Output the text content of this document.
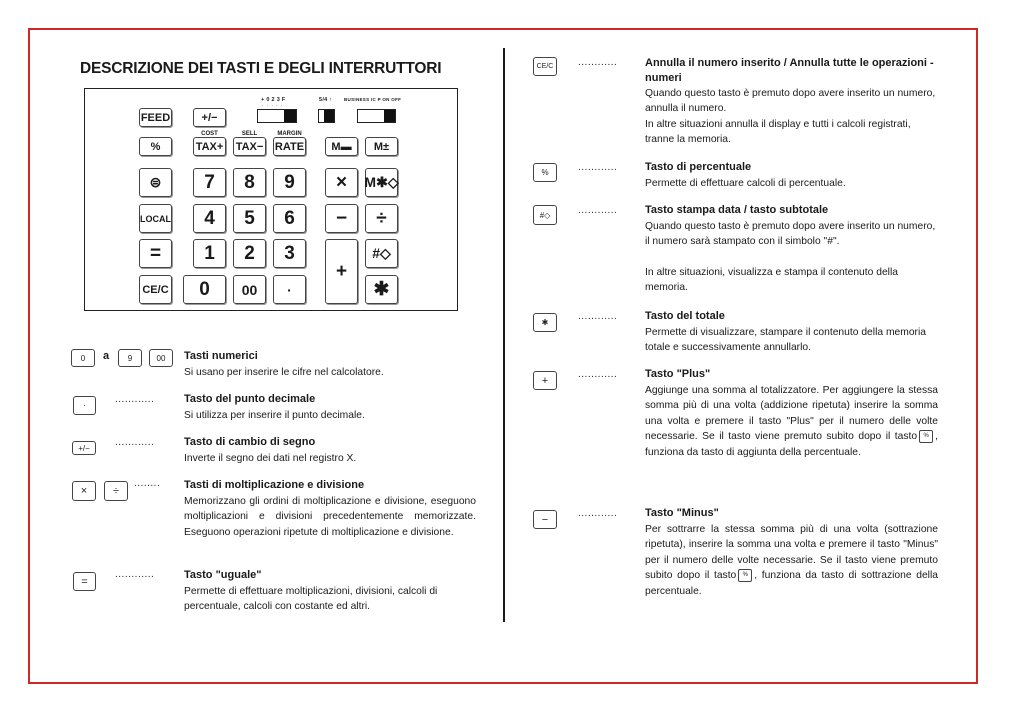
DESCRIZIONE DEI TASTI E DEGLI INTERRUTTORI
FEED	+/−
+ 0 2 3 F
·····
5/4 ↑	BUSINESS IC P ON OFF
COST	SELL	MARGIN
%	TAX+ TAX− RATE	M▬	M±
⊜	7	8	9	×	M✱◇
LOCAL	4	5	6	−	÷
=	1	2	3
+
#◇
CE/C	0	00	·	✱
0	a	9	00	Tasti numerici
Si usano per inserire le cifre nel calcolatore.
·
............	Tasto del punto decimale
Si utilizza per inserire il punto decimale.
+/−	............	Tasto di cambio di segno
Inverte il segno dei dati nel registro X.
×	÷
........ Tasti di moltiplicazione e divisione
Memorizzano gli ordini di moltiplicazione e divisione, eseguono moltiplicazioni e divisioni precedentemente memorizzate. Eseguono operazioni ripetute di moltiplicazione e divisione.
=
............	Tasto "uguale"
Permette di effettuare moltiplicazioni, divisioni, calcoli di percentuale, calcoli con costante ed altri.
CE/C	............	Annulla il numero inserito / Annulla tutte le operazioni - numeri
Quando questo tasto è premuto dopo avere inserito un numero, annulla il numero.
In altre situazioni annulla il display e tutti i calcoli registrati, tranne la memoria.
%	............	Tasto di percentuale
Permette di effettuare calcoli di percentuale.
#◇	............	Tasto stampa data / tasto subtotale
Quando questo tasto è premuto dopo avere inserito un numero, il numero sarà stampato con il simbolo "#".
In altre situazioni, visualizza e stampa il contenuto della memoria.
✱
............	Tasto del totale
Permette di visualizzare, stampare il contenuto della memoria totale e successivamente annullarlo.
+	............	Tasto "Plus"
Aggiunge una somma al totalizzatore. Per aggiungere la stessa somma più di una volta (addizione ripetuta) inserire la somma una volta e premere il tasto "Plus" per il numero delle volte necessarie. Se il tasto viene premuto subito dopo il tasto % , funziona da tasto di aggiunta della percentuale.
−	............	Tasto "Minus"
Per sottrarre la stessa somma più di una volta (sottrazione ripetuta), inserire la somma una volta e premere il tasto "Minus" per il numero delle volte necessarie. Se il tasto viene premuto subito dopo il tasto % , funziona da tasto di sottrazione della percentuale.
